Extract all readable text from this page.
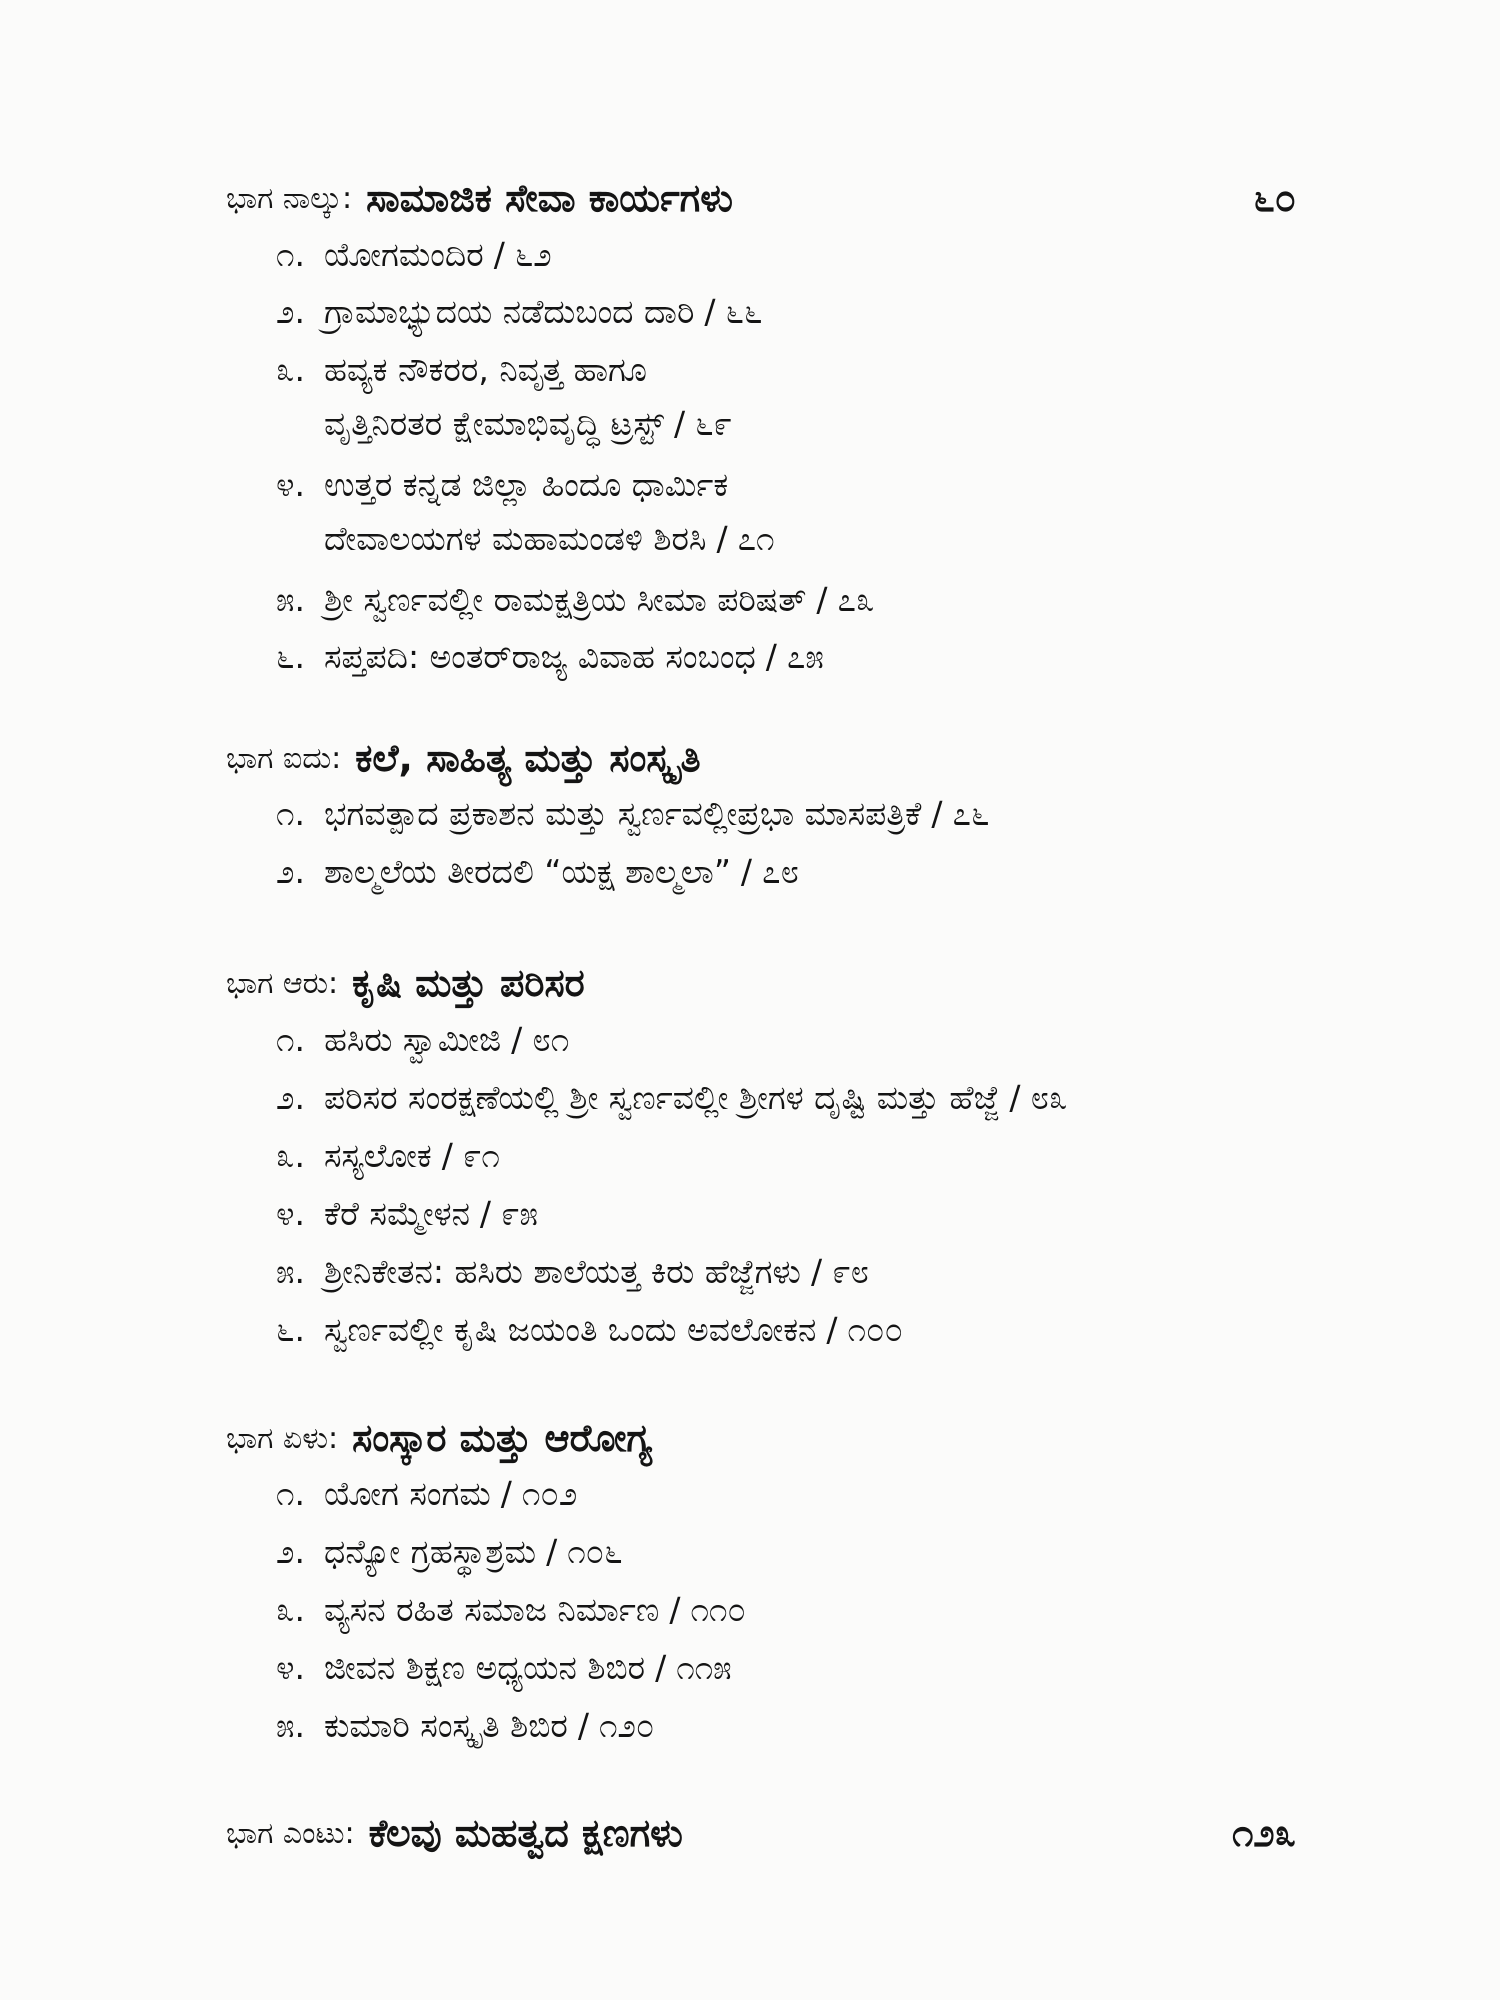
ಭಾಗ ನಾಲ್ಕು: ಸಾಮಾಜಿಕ ಸೇವಾ ಕಾರ್ಯಗಳು	೬೦
೧. ಯೋಗಮಂದಿರ / ೬೨
೨. ಗ್ರಾಮಾಭ್ಯುದಯ ನಡೆದುಬಂದ ದಾರಿ / ೬೬
೩. ಹವ್ಯಕ ನೌಕರರ, ನಿವೃತ್ತ ಹಾಗೂ
ವೃತ್ತಿನಿರತರ ಕ್ಷೇಮಾಭಿವೃದ್ಧಿ ಟ್ರಸ್ಟ್ / ೬೯
೪. ಉತ್ತರ ಕನ್ನಡ ಜಿಲ್ಲಾ ಹಿಂದೂ ಧಾರ್ಮಿಕ
ದೇವಾಲಯಗಳ ಮಹಾಮಂಡಳಿ ಶಿರಸಿ / ೭೧
೫. ಶ್ರೀ ಸ್ವರ್ಣವಲ್ಲೀ ರಾಮಕ್ಷತ್ರಿಯ ಸೀಮಾ ಪರಿಷತ್ / ೭೩
೬. ಸಪ್ತಪದಿ: ಅಂತರ್‌ರಾಜ್ಯ ವಿವಾಹ ಸಂಬಂಧ / ೭೫
ಭಾಗ ಐದು: ಕಲೆ, ಸಾಹಿತ್ಯ ಮತ್ತು ಸಂಸ್ಕೃತಿ
೧. ಭಗವತ್ಪಾದ ಪ್ರಕಾಶನ ಮತ್ತು ಸ್ವರ್ಣವಲ್ಲೀಪ್ರಭಾ ಮಾಸಪತ್ರಿಕೆ / ೭೬
೨. ಶಾಲ್ಮಲೆಯ ತೀರದಲಿ “ಯಕ್ಷ ಶಾಲ್ಮಲಾ” / ೭೮
ಭಾಗ ಆರು: ಕೃಷಿ ಮತ್ತು ಪರಿಸರ
೧. ಹಸಿರು ಸ್ವಾಮೀಜಿ / ೮೧
೨. ಪರಿಸರ ಸಂರಕ್ಷಣೆಯಲ್ಲಿ ಶ್ರೀ ಸ್ವರ್ಣವಲ್ಲೀ ಶ್ರೀಗಳ ದೃಷ್ಟಿ ಮತ್ತು ಹೆಜ್ಜೆ / ೮೩
೩. ಸಸ್ಯಲೋಕ / ೯೧
೪. ಕೆರೆ ಸಮ್ಮೇಳನ / ೯೫
೫. ಶ್ರೀನಿಕೇತನ: ಹಸಿರು ಶಾಲೆಯತ್ತ ಕಿರು ಹೆಜ್ಜೆಗಳು / ೯೮
೬. ಸ್ವರ್ಣವಲ್ಲೀ ಕೃಷಿ ಜಯಂತಿ ಒಂದು ಅವಲೋಕನ / ೧೦೦
ಭಾಗ ಏಳು: ಸಂಸ್ಕಾರ ಮತ್ತು ಆರೋಗ್ಯ
೧. ಯೋಗ ಸಂಗಮ / ೧೦೨
೨. ಧನ್ಯೋ ಗ್ರಹಸ್ಥಾಶ್ರಮ / ೧೦೬
೩. ವ್ಯಸನ ರಹಿತ ಸಮಾಜ ನಿರ್ಮಾಣ / ೧೧೦
೪. ಜೀವನ ಶಿಕ್ಷಣ ಅಧ್ಯಯನ ಶಿಬಿರ / ೧೧೫
೫. ಕುಮಾರಿ ಸಂಸ್ಕೃತಿ ಶಿಬಿರ / ೧೨೦
ಭಾಗ ಎಂಟು: ಕೆಲವು ಮಹತ್ವದ ಕ್ಷಣಗಳು	೧೨೩
